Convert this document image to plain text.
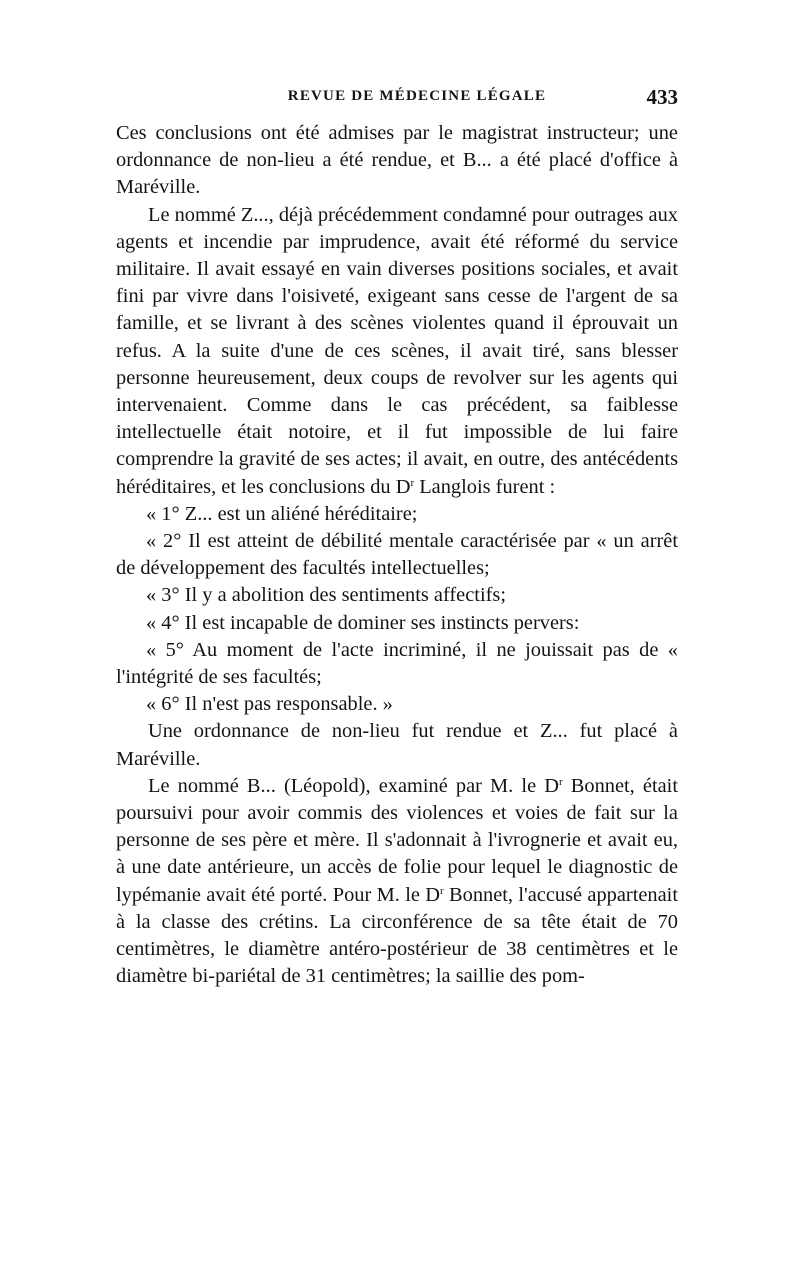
REVUE DE MÉDECINE LÉGALE	433

Ces conclusions ont été admises par le magistrat instructeur; une ordonnance de non-lieu a été rendue, et B... a été placé d'office à Maréville.

Le nommé Z..., déjà précédemment condamné pour outrages aux agents et incendie par imprudence, avait été réformé du service militaire. Il avait essayé en vain diverses positions sociales, et avait fini par vivre dans l'oisiveté, exigeant sans cesse de l'argent de sa famille, et se livrant à des scènes violentes quand il éprouvait un refus. A la suite d'une de ces scènes, il avait tiré, sans blesser personne heureusement, deux coups de revolver sur les agents qui intervenaient. Comme dans le cas précédent, sa faiblesse intellectuelle était notoire, et il fut impossible de lui faire comprendre la gravité de ses actes; il avait, en outre, des antécédents héréditaires, et les conclusions du $D^r$ Langlois furent :

« 1° Z... est un aliéné héréditaire;

« 2° Il est atteint de débilité mentale caractérisée par « un arrêt de développement des facultés intellectuelles;

« 3° Il y a abolition des sentiments affectifs;

« 4° Il est incapable de dominer ses instincts pervers:

« 5° Au moment de l'acte incriminé, il ne jouissait pas de « l'intégrité de ses facultés;

« 6° Il n'est pas responsable. »

Une ordonnance de non-lieu fut rendue et Z... fut placé à Maréville.

Le nommé B... (Léopold), examiné par M. le $D^r$ Bonnet, était poursuivi pour avoir commis des violences et voies de fait sur la personne de ses père et mère. Il s'adonnait à l'ivrognerie et avait eu, à une date antérieure, un accès de folie pour lequel le diagnostic de lypémanie avait été porté. Pour M. le $D^r$ Bonnet, l'accusé appartenait à la classe des crétins. La circonférence de sa tête était de 70 centimètres, le diamètre antéro-postérieur de 38 centimètres et le diamètre bi-pariétal de 31 centimètres; la saillie des pom-
